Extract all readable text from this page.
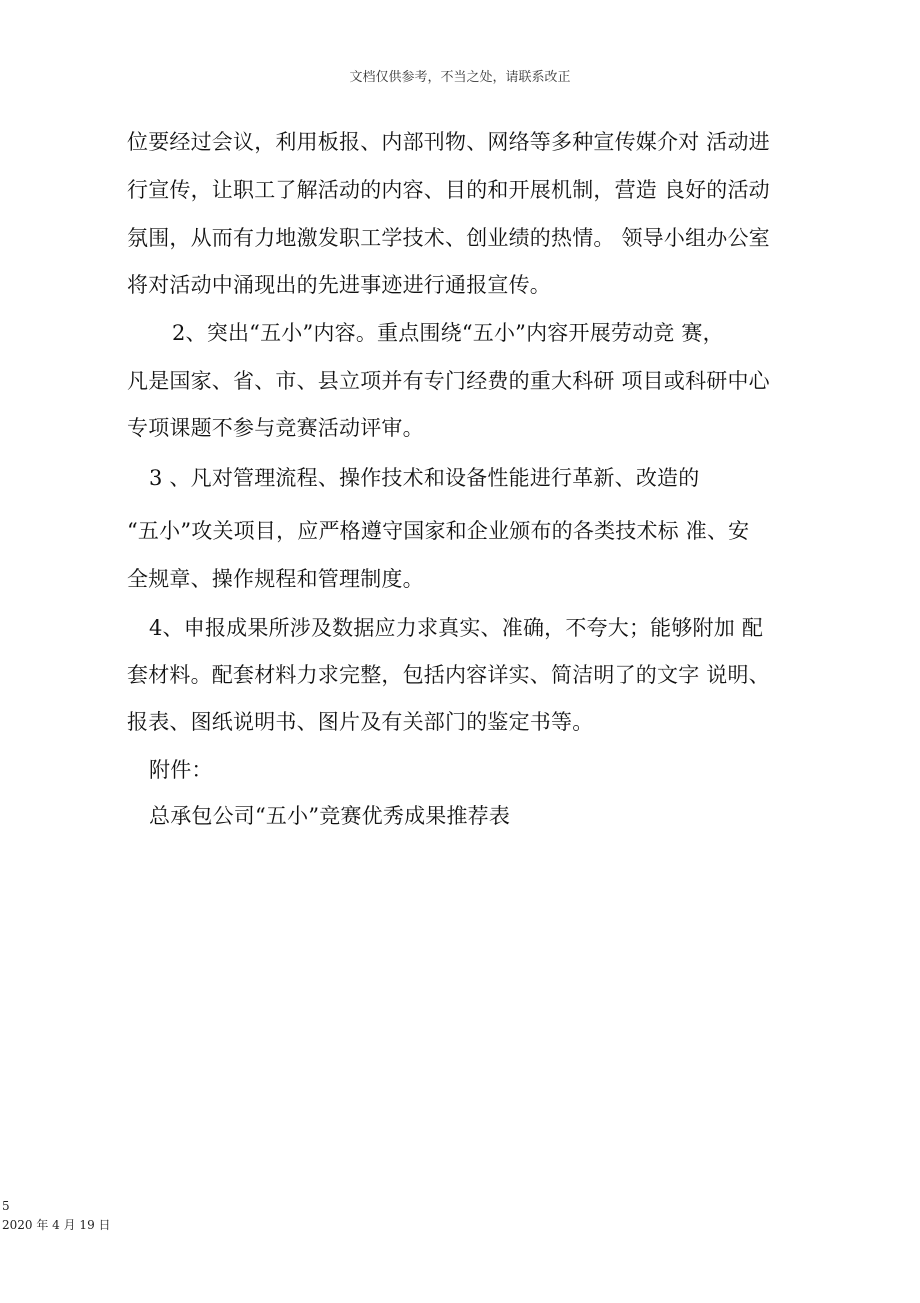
文档仅供参考，不当之处，请联系改正
位要经过会议，利用板报、内部刊物、网络等多种宣传媒介对 活动进
行宣传，让职工了解活动的内容、目的和开展机制，营造 良好的活动
氛围，从而有力地激发职工学技术、创业绩的热情。 领导小组办公室
将对活动中涌现出的先进事迹进行通报宣传。
2、突出“五小”内容。重点围绕“五小”内容开展劳动竞 赛，
凡是国家、省、市、县立项并有专门经费的重大科研 项目或科研中心
专项课题不参与竞赛活动评审。
3 、凡对管理流程、操作技术和设备性能进行革新、改造的
“五小”攻关项目，应严格遵守国家和企业颁布的各类技术标 准、安
全规章、操作规程和管理制度。
4、申报成果所涉及数据应力求真实、准确，不夸大；能够附加 配
套材料。配套材料力求完整，包括内容详实、简洁明了的文字 说明、
报表、图纸说明书、图片及有关部门的鉴定书等。
附件：
总承包公司“五小”竞赛优秀成果推荐表
5
2020 年 4 月 19 日
